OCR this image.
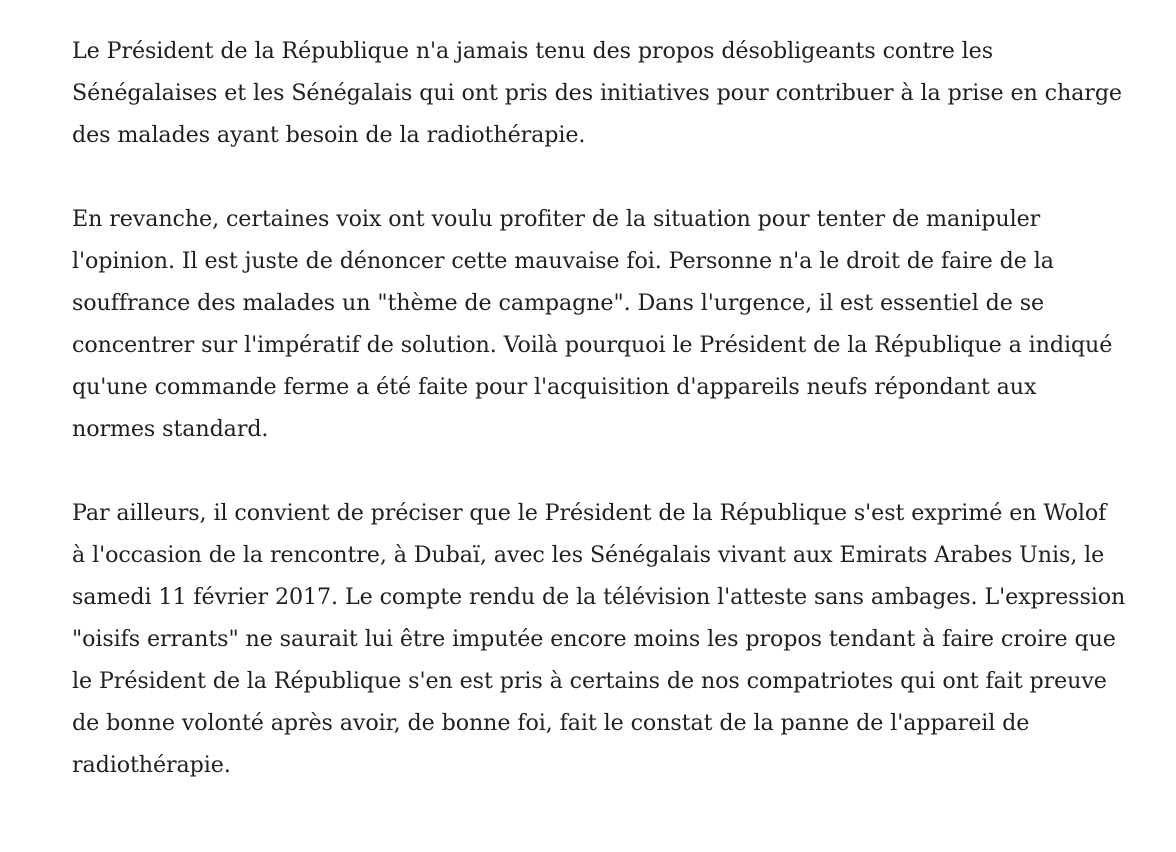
Le Président de la République n'a jamais tenu des propos désobligeants contre les
Sénégalaises et les Sénégalais qui ont pris des initiatives pour contribuer à la prise en charge
des malades ayant besoin de la radiothérapie.

En revanche, certaines voix ont voulu profiter de la situation pour tenter de manipuler
l'opinion. Il est juste de dénoncer cette mauvaise foi. Personne n'a le droit de faire de la
souffrance des malades un "thème de campagne". Dans l'urgence, il est essentiel de se
concentrer sur l'impératif de solution. Voilà pourquoi le Président de la République a indiqué
qu'une commande ferme a été faite pour l'acquisition d'appareils neufs répondant aux
normes standard.

Par ailleurs, il convient de préciser que le Président de la République s'est exprimé en Wolof
à l'occasion de la rencontre, à Dubaï, avec les Sénégalais vivant aux Emirats Arabes Unis, le
samedi 11 février 2017. Le compte rendu de la télévision l'atteste sans ambages. L'expression
"oisifs errants" ne saurait lui être imputée encore moins les propos tendant à faire croire que
le Président de la République s'en est pris à certains de nos compatriotes qui ont fait preuve
de bonne volonté après avoir, de bonne foi, fait le constat de la panne de l'appareil de
radiothérapie.
